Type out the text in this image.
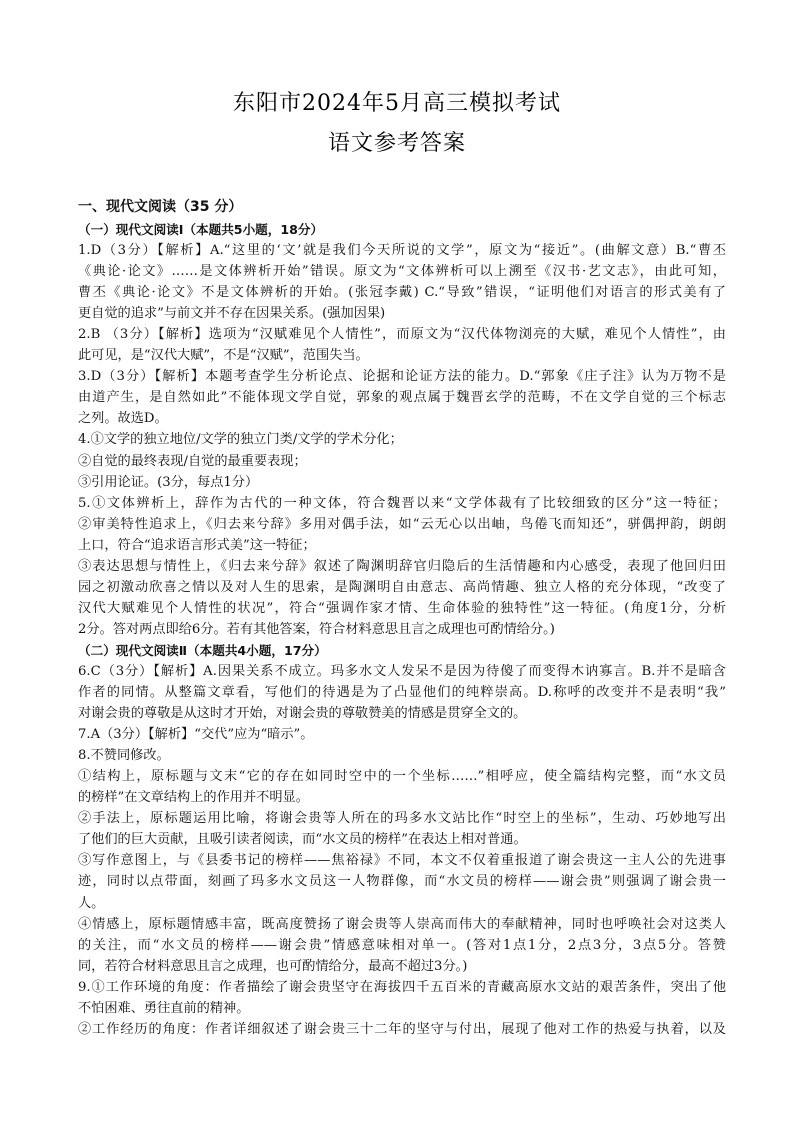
东阳市2024年5月高三模拟考试
语文参考答案
一、现代文阅读（35 分）
（一）现代文阅读Ⅰ（本题共5小题，18分）
1.D（3分）【解析】A.“这里的‘文’就是我们今天所说的文学”，原文为“接近”。(曲解文意）B.“曹丕
《典论·论文》……是文体辨析开始”错误。原文为“文体辨析可以上溯至《汉书·艺文志》，由此可知，
曹丕《典论·论文》不是文体辨析的开始。(张冠李戴) C.“导致”错误，“证明他们对语言的形式美有了
更自觉的追求”与前文并不存在因果关系。(强加因果)
2.B （3分）【解析】选项为“汉赋难见个人情性”，而原文为“汉代体物浏亮的大赋，难见个人情性”，由
此可见，是“汉代大赋”，不是“汉赋”，范围失当。
3.D（3分）【解析】本题考查学生分析论点、论据和论证方法的能力。D.“郭象《庄子注》认为万物不是
由道产生，是自然如此”不能体现文学自觉，郭象的观点属于魏晋玄学的范畴，不在文学自觉的三个标志
之列。故选D。
4.①文学的独立地位/文学的独立门类/文学的学术分化；
②自觉的最终表现/自觉的最重要表现；
③引用论证。(3分，每点1分）
5.①文体辨析上，辞作为古代的一种文体，符合魏晋以来“文学体裁有了比较细致的区分”这一特征；
②审美特性追求上，《归去来兮辞》多用对偶手法，如“云无心以出岫，鸟倦飞而知还”，骈偶押韵，朗朗
上口，符合“追求语言形式美”这一特征；
③表达思想与情性上，《归去来兮辞》叙述了陶渊明辞官归隐后的生活情趣和内心感受，表现了他回归田
园之初激动欣喜之情以及对人生的思索，是陶渊明自由意志、高尚情趣、独立人格的充分体现，“改变了
汉代大赋难见个人情性的状况”，符合“强调作家才情、生命体验的独特性”这一特征。(角度1分，分析
2分。答对两点即给6分。若有其他答案，符合材料意思且言之成理也可酌情给分。)
（二）现代文阅读Ⅱ（本题共4小题，17分）
6.C（3分）【解析】A.因果关系不成立。玛多水文人发呆不是因为待傻了而变得木讷寡言。B.并不是暗含
作者的同情。从整篇文章看，写他们的待遇是为了凸显他们的纯粹崇高。D.称呼的改变并不是表明“我”
对谢会贵的尊敬是从这时才开始，对谢会贵的尊敬赞美的情感是贯穿全文的。
7.A（3分）【解析】“交代”应为“暗示”。
8.不赞同修改。
①结构上，原标题与文末“它的存在如同时空中的一个坐标……”相呼应，使全篇结构完整，而“水文员
的榜样”在文章结构上的作用并不明显。
②手法上，原标题运用比喻，将谢会贵等人所在的玛多水文站比作“时空上的坐标”，生动、巧妙地写出
了他们的巨大贡献，且吸引读者阅读，而“水文员的榜样”在表达上相对普通。
③写作意图上，与《县委书记的榜样——焦裕禄》不同，本文不仅着重报道了谢会贵这一主人公的先进事
迹，同时以点带面，刻画了玛多水文员这一人物群像，而“水文员的榜样——谢会贵”则强调了谢会贵一
人。
④情感上，原标题情感丰富，既高度赞扬了谢会贵等人崇高而伟大的奉献精神，同时也呼唤社会对这类人
的关注，而“水文员的榜样——谢会贵”情感意味相对单一。(答对1点1分，2点3分，3点5分。答赞
同，若符合材料意思且言之成理，也可酌情给分，最高不超过3分。)
9.①工作环境的角度：作者描绘了谢会贵坚守在海拔四千五百米的青藏高原水文站的艰苦条件，突出了他
不怕困难、勇往直前的精神。
②工作经历的角度：作者详细叙述了谢会贵三十二年的坚守与付出，展现了他对工作的热爱与执着，以及
